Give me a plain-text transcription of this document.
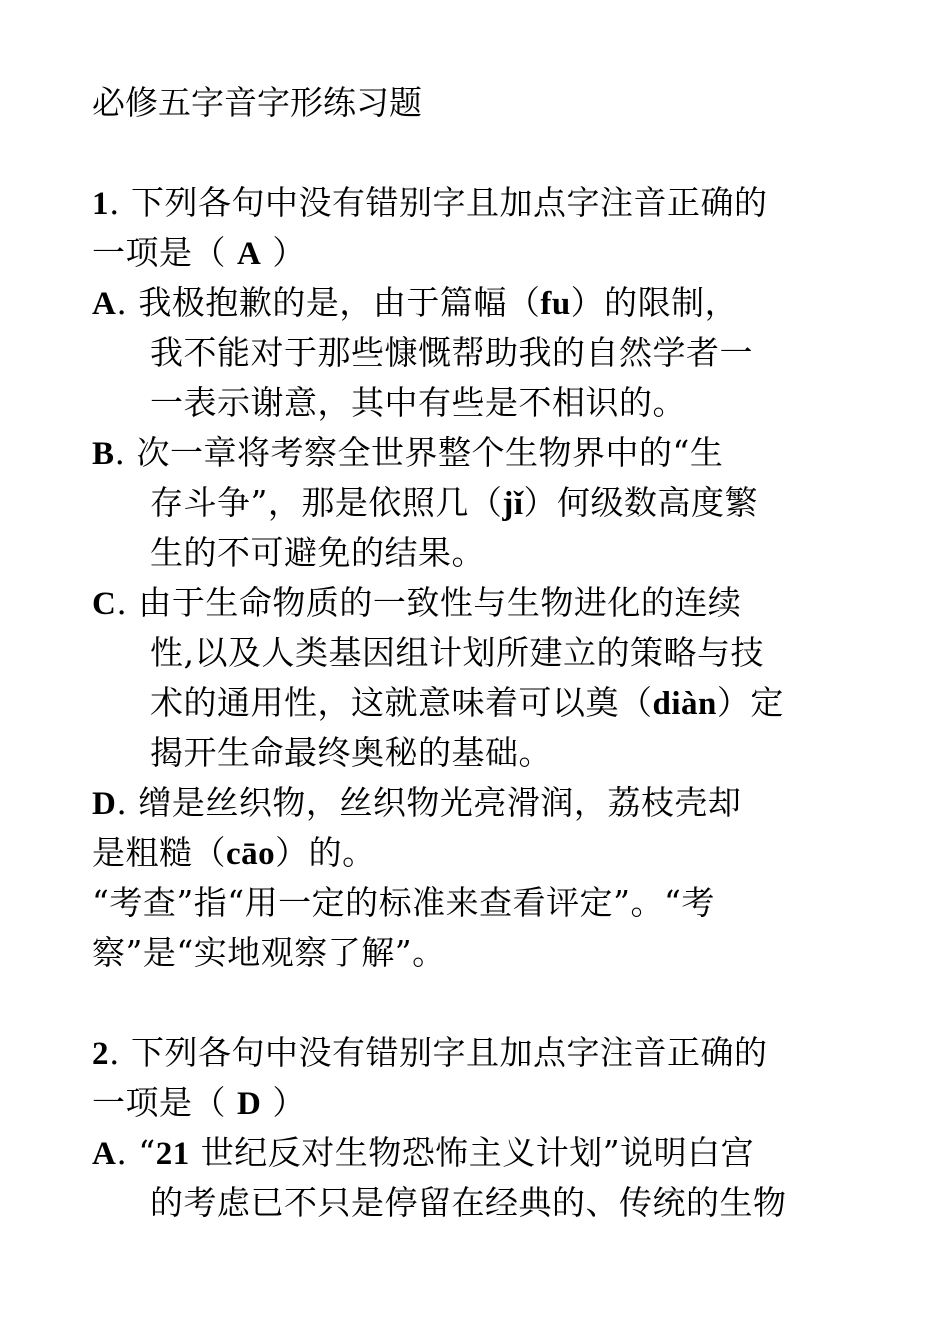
必修五字音字形练习题
1. 下列各句中没有错别字且加点字注音正确的
一项是（ A ）
A. 我极抱歉的是，由于篇幅（fu）的限制，
我不能对于那些慷慨帮助我的自然学者一
一表示谢意，其中有些是不相识的。
B. 次一章将考察全世界整个生物界中的“生
存斗争”，那是依照几（jǐ）何级数高度繁
生的不可避免的结果。
C. 由于生命物质的一致性与生物进化的连续
性,以及人类基因组计划所建立的策略与技
术的通用性，这就意味着可以奠（diàn）定
揭开生命最终奥秘的基础。
D. 缯是丝织物，丝织物光亮滑润，荔枝壳却
是粗糙（cāo）的。
“考查”指“用一定的标准来查看评定”。“考
察”是“实地观察了解”。
2. 下列各句中没有错别字且加点字注音正确的
一项是（ D ）
A. “21 世纪反对生物恐怖主义计划”说明白宫
的考虑已不只是停留在经典的、传统的生物
